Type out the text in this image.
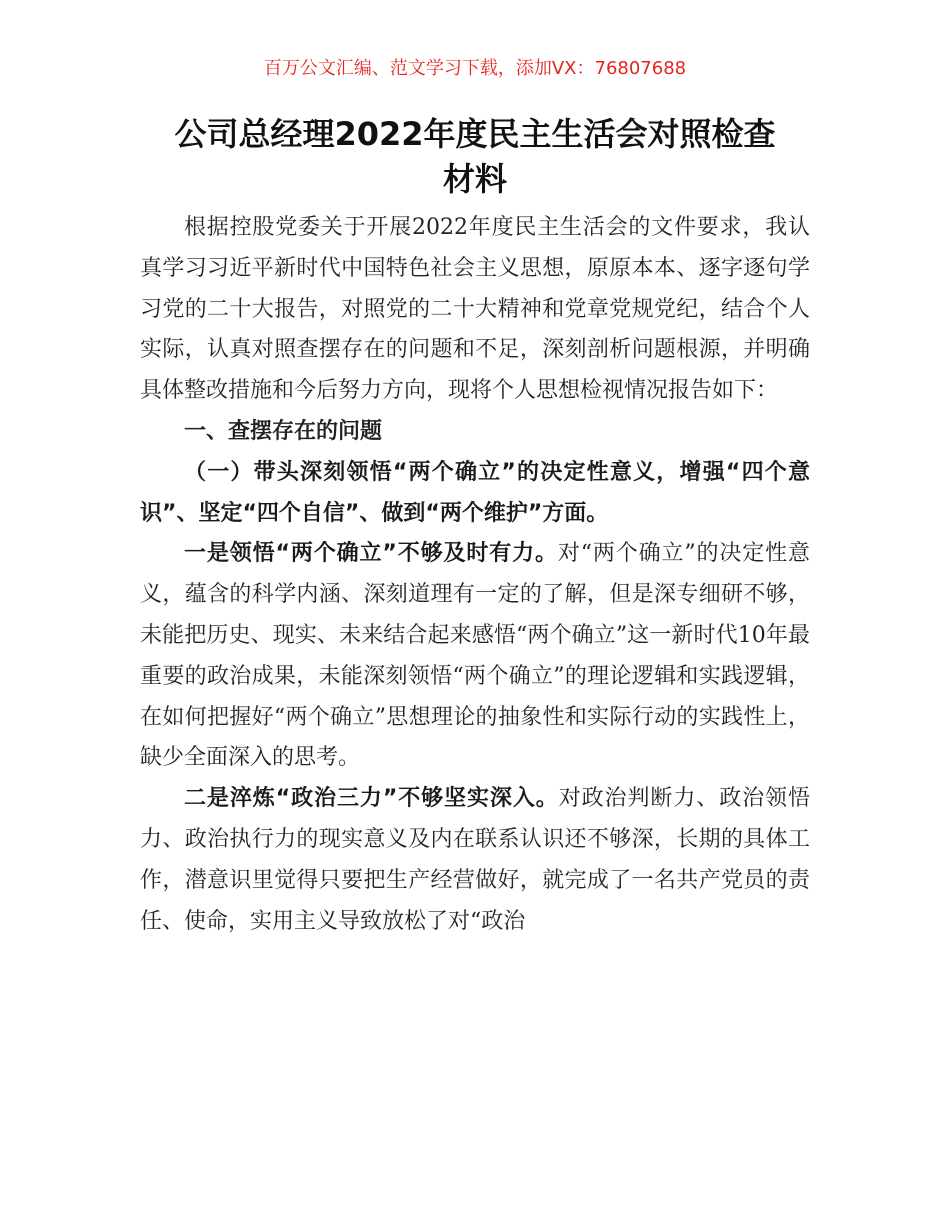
百万公文汇编、范文学习下载，添加VX：76807688
公司总经理2022年度民主生活会对照检查
材料

根据控股党委关于开展2022年度民主生活会的文件要求，我认真学习习近平新时代中国特色社会主义思想，原原本本、逐字逐句学习党的二十大报告，对照党的二十大精神和党章党规党纪，结合个人实际，认真对照查摆存在的问题和不足，深刻剖析问题根源，并明确具体整改措施和今后努力方向，现将个人思想检视情况报告如下：

一、查摆存在的问题

（一）带头深刻领悟“两个确立”的决定性意义，增强“四个意识”、坚定“四个自信”、做到“两个维护”方面。

一是领悟“两个确立”不够及时有力。对“两个确立”的决定性意义，蕴含的科学内涵、深刻道理有一定的了解，但是深专细研不够，未能把历史、现实、未来结合起来感悟“两个确立”这一新时代10年最重要的政治成果，未能深刻领悟“两个确立”的理论逻辑和实践逻辑，在如何把握好“两个确立”思想理论的抽象性和实际行动的实践性上，缺少全面深入的思考。

二是淬炼“政治三力”不够坚实深入。对政治判断力、政治领悟力、政治执行力的现实意义及内在联系认识还不够深，长期的具体工作，潜意识里觉得只要把生产经营做好，就完成了一名共产党员的责任、使命，实用主义导致放松了对“政治
